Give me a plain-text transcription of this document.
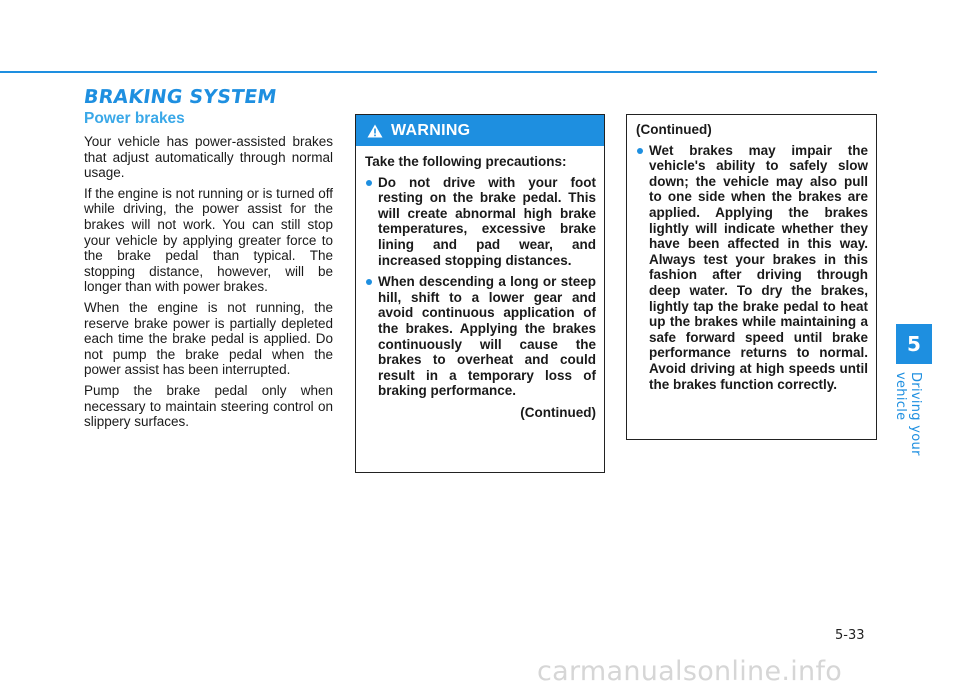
BRAKING SYSTEM
Power brakes

Your vehicle has power-assisted brakes that adjust automatically through normal usage.

If the engine is not running or is turned off while driving, the power assist for the brakes will not work. You can still stop your vehicle by applying greater force to the brake pedal than typical. The stopping distance, however, will be longer than with power brakes.

When the engine is not running, the reserve brake power is partially depleted each time the brake pedal is applied. Do not pump the brake pedal when the power assist has been interrupted.

Pump the brake pedal only when necessary to maintain steering control on slippery surfaces.

WARNING

Take the following precautions:

Do not drive with your foot resting on the brake pedal. This will create abnormal high brake temperatures, excessive brake lining and pad wear, and increased stopping distances.
When descending a long or steep hill, shift to a lower gear and avoid continuous application of the brakes. Applying the brakes continuously will cause the brakes to overheat and could result in a temporary loss of braking performance.
(Continued)

(Continued)

Wet brakes may impair the vehicle's ability to safely slow down; the vehicle may also pull to one side when the brakes are applied. Applying the brakes lightly will indicate whether they have been affected in this way. Always test your brakes in this fashion after driving through deep water. To dry the brakes, lightly tap the brake pedal to heat up the brakes while maintaining a safe forward speed until brake performance returns to normal. Avoid driving at high speeds until the brakes function correctly.
5
Driving your vehicle
5-33
carmanualsonline.info
